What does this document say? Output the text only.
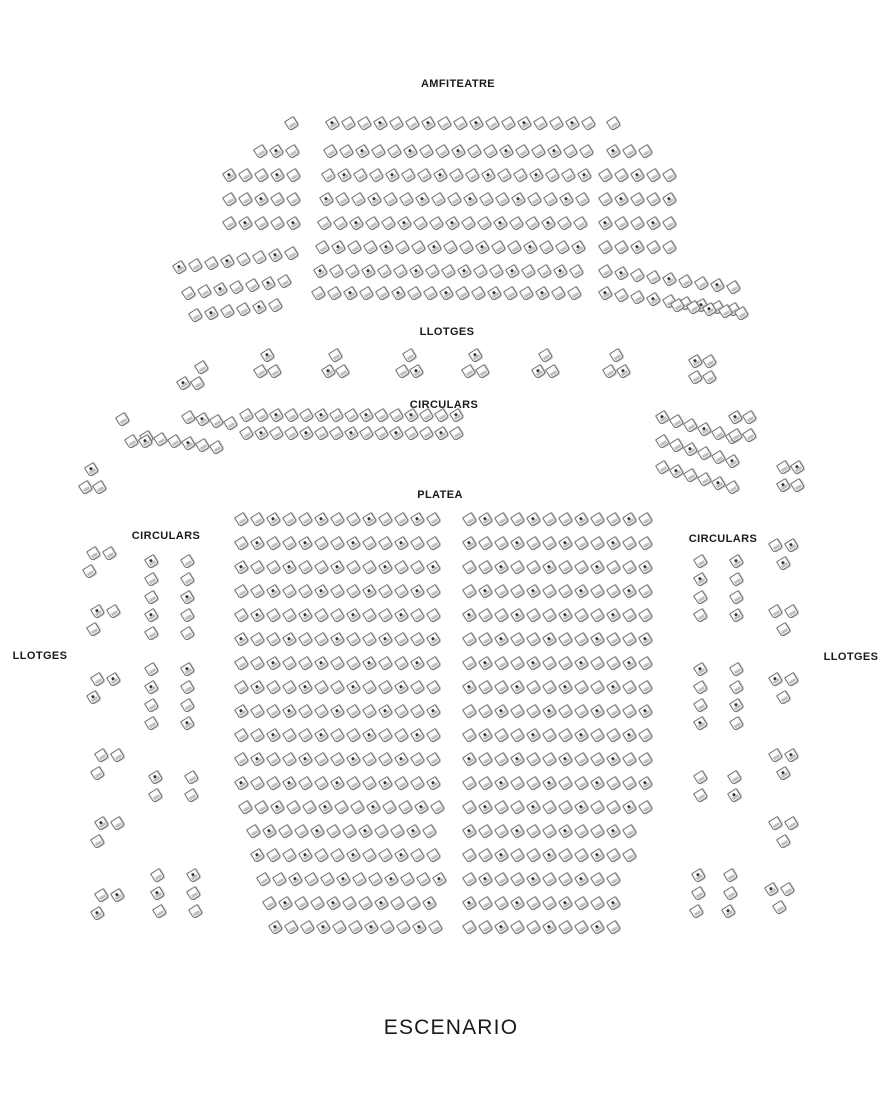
AMFITEATRE
LLOTGES
CIRCULARS
PLATEA
CIRCULARS	CIRCULARS
LLOTGES	LLOTGES
ESCENARIO
